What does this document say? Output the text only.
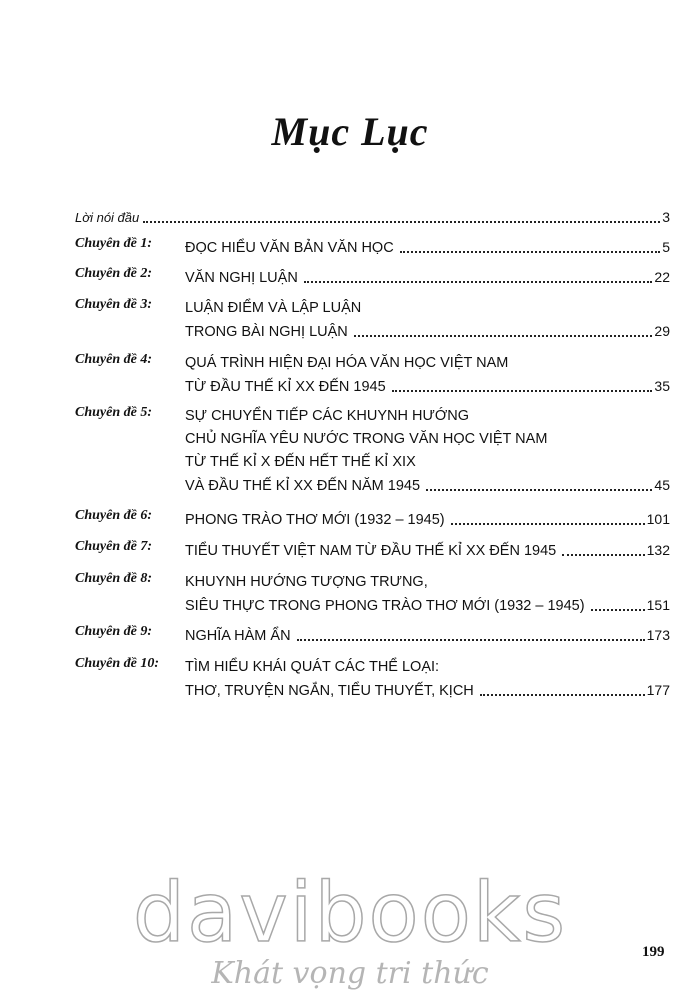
Mục Lục
Lời nói đầu	3
Chuyên đề 1: ĐỌC HIỂU VĂN BẢN VĂN HỌC	5
Chuyên đề 2: VĂN NGHỊ LUẬN	22
Chuyên đề 3: LUẬN ĐIỂM VÀ LẬP LUẬN
TRONG BÀI NGHỊ LUẬN	29
Chuyên đề 4: QUÁ TRÌNH HIỆN ĐẠI HÓA VĂN HỌC VIỆT NAM
TỪ ĐẦU THẾ KỈ XX ĐẾN 1945	35
Chuyên đề 5: SỰ CHUYỂN TIẾP CÁC KHUYNH HƯỚNG
CHỦ NGHĨA YÊU NƯỚC TRONG VĂN HỌC VIỆT NAM
TỪ THẾ KỈ X ĐẾN HẾT THẾ KỈ XIX
VÀ ĐẦU THẾ KỈ XX ĐẾN NĂM 1945	45
Chuyên đề 6: PHONG TRÀO THƠ MỚI (1932 – 1945)	101
Chuyên đề 7: TIỂU THUYẾT VIỆT NAM TỪ ĐẦU THẾ KỈ XX ĐẾN 1945	132
Chuyên đề 8: KHUYNH HƯỚNG TƯỢNG TRƯNG,
SIÊU THỰC TRONG PHONG TRÀO THƠ MỚI (1932 – 1945)	151
Chuyên đề 9: NGHĨA HÀM ẨN	173
Chuyên đề 10: TÌM HIỂU KHÁI QUÁT CÁC THỂ LOẠI:
THƠ, TRUYỆN NGẮN, TIỂU THUYẾT, KỊCH	177
davibooks
Khát vọng tri thức
199
